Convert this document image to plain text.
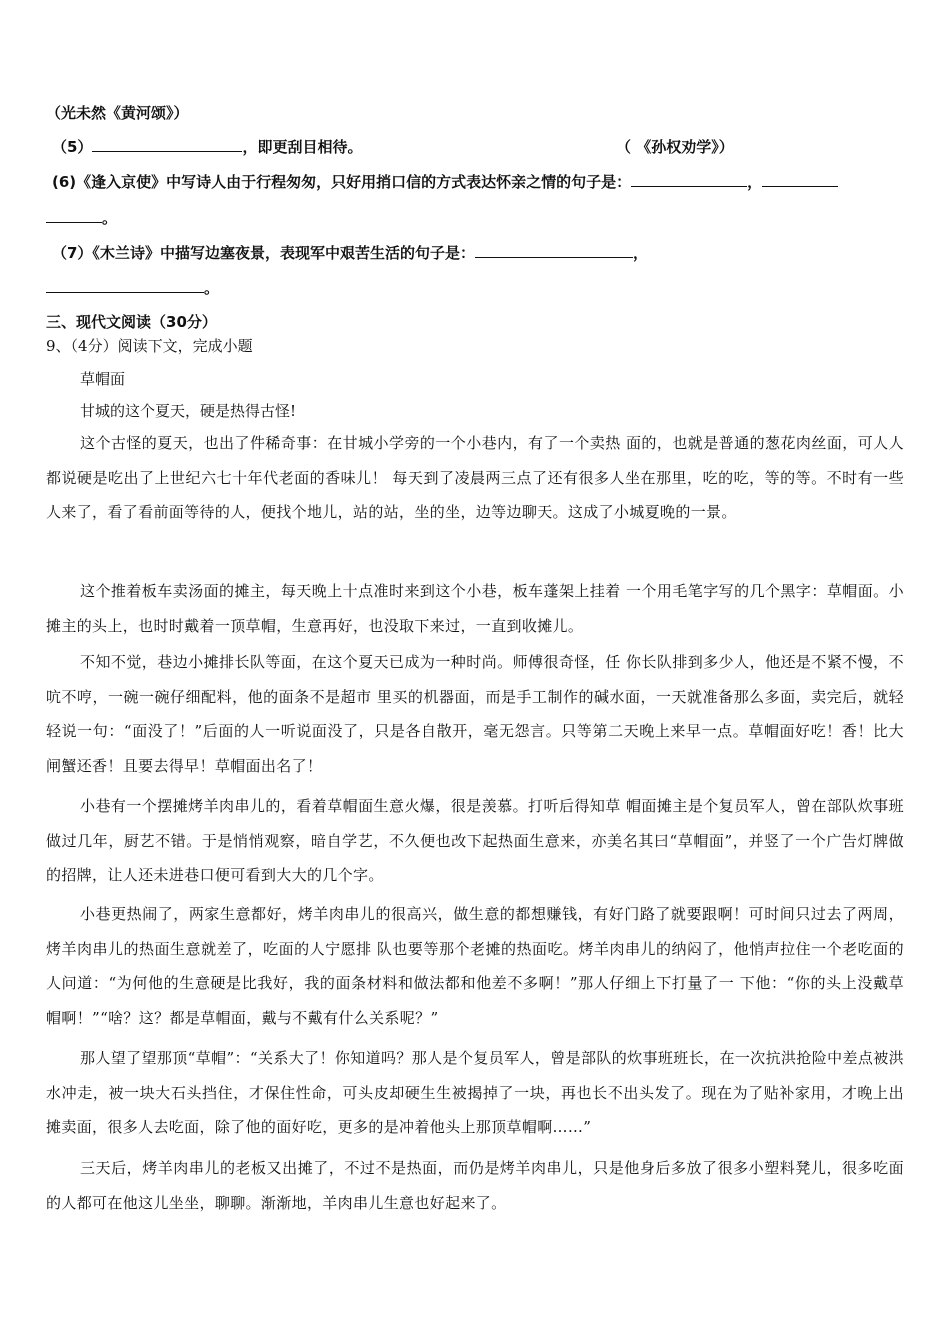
（光未然《黄河颂》）
（5）	，即更刮目相待。	（ 《孙权劝学》）
(6)《逢入京使》中写诗人由于行程匆匆，只好用捎口信的方式表达怀亲之情的句子是：	，
。
（7）《木兰诗》中描写边塞夜景，表现军中艰苦生活的句子是：	，
。
三、现代文阅读（30分）
9、（4分）阅读下文，完成小题
草帽面
甘城的这个夏天，硬是热得古怪!
这个古怪的夏天，也出了件稀奇事：在甘城小学旁的一个小巷内，有了一个卖热 面的，也就是普通的葱花肉丝面，可人人都说硬是吃出了上世纪六七十年代老面的香味儿！ 每天到了凌晨两三点了还有很多人坐在那里，吃的吃，等的等。不时有一些人来了，看了看前面等待的人，便找个地儿，站的站，坐的坐，边等边聊天。这成了小城夏晚的一景。
这个推着板车卖汤面的摊主，每天晚上十点准时来到这个小巷，板车蓬架上挂着 一个用毛笔字写的几个黑字：草帽面。小摊主的头上，也时时戴着一顶草帽，生意再好，也没取下来过，一直到收摊儿。
不知不觉，巷边小摊排长队等面，在这个夏天已成为一种时尚。师傅很奇怪，任 你长队排到多少人，他还是不紧不慢，不吭不哼，一碗一碗仔细配料，他的面条不是超市 里买的机器面，而是手工制作的碱水面，一天就准备那么多面，卖完后，就轻轻说一句：“面没了！”后面的人一听说面没了，只是各自散开，毫无怨言。只等第二天晚上来早一点。草帽面好吃！香！比大闸蟹还香！且要去得早！草帽面出名了！
小巷有一个摆摊烤羊肉串儿的，看着草帽面生意火爆，很是羡慕。打听后得知草 帽面摊主是个复员军人，曾在部队炊事班做过几年，厨艺不错。于是悄悄观察，暗自学艺，不久便也改下起热面生意来，亦美名其曰“草帽面”，并竖了一个广告灯牌做的招牌，让人还未进巷口便可看到大大的几个字。
小巷更热闹了，两家生意都好，烤羊肉串儿的很高兴，做生意的都想赚钱，有好门路了就要跟啊！可时间只过去了两周，烤羊肉串儿的热面生意就差了，吃面的人宁愿排 队也要等那个老摊的热面吃。烤羊肉串儿的纳闷了，他悄声拉住一个老吃面的人问道：“为何他的生意硬是比我好，我的面条材料和做法都和他差不多啊！”那人仔细上下打量了一 下他：“你的头上没戴草帽啊！”“啥？这？都是草帽面，戴与不戴有什么关系呢？”
那人望了望那顶“草帽”：“关系大了！你知道吗？那人是个复员军人，曾是部队的炊事班班长，在一次抗洪抢险中差点被洪水冲走，被一块大石头挡住，才保住性命，可头皮却硬生生被揭掉了一块，再也长不出头发了。现在为了贴补家用，才晚上出摊卖面，很多人去吃面，除了他的面好吃，更多的是冲着他头上那顶草帽啊……”
三天后，烤羊肉串儿的老板又出摊了，不过不是热面，而仍是烤羊肉串儿，只是他身后多放了很多小塑料凳儿，很多吃面的人都可在他这儿坐坐，聊聊。渐渐地，羊肉串儿生意也好起来了。
